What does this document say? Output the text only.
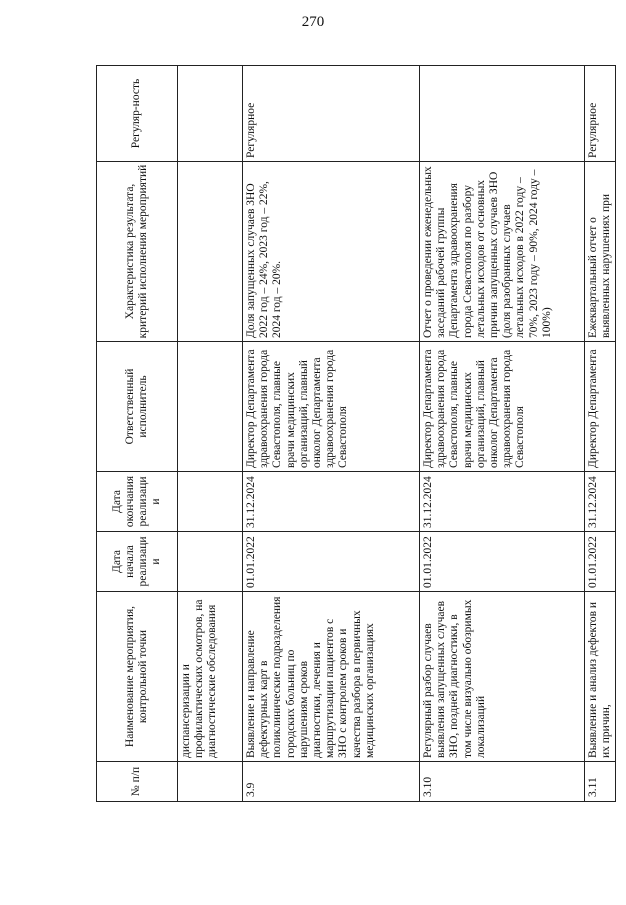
270
№ п/п	Наименование мероприятия, контрольной точки	Дата начала реализации	Дата окончания реализации	Ответственный исполнитель	Характеристика результата, критерий исполнения мероприятий	Регуляр-ность
	диспансеризации и профилактических осмотров, на диагностические обследования					
3.9	Выявление и направление дефектурных карт в поликлинические подразделения городских больниц по нарушениям сроков диагностики, лечения и маршрутизации пациентов с ЗНО с контролем сроков и качества разбора в первичных медицинских организациях	01.01.2022	31.12.2024	Директор Департамента здравоохранения города Севастополя, главные врачи медицинских организаций, главный онколог Департамента здравоохранения города Севастополя	Доля запущенных случаев ЗНО 2022 год – 24%, 2023 год – 22%, 2024 год – 20%.	Регулярное
3.10	Регулярный разбор случаев выявления запущенных случаев ЗНО, поздней диагностики, в том числе визуально обозримых локализаций	01.01.2022	31.12.2024	Директор Департамента здравоохранения города Севастополя, главные врачи медицинских организаций, главный онколог Департамента здравоохранения города Севастополя	Отчет о проведении еженедельных заседаний рабочей группы Департамента здравоохранения города Севастополя по разбору летальных исходов от основных причин запущенных случаев ЗНО (доля разобранных случаев летальных исходов в 2022 году – 70%, 2023 году – 90%, 2024 году – 100%)	
3.11	Выявление и анализ дефектов и их причин,	01.01.2022	31.12.2024	Директор Департамента	Ежеквартальный отчет о выявленных нарушениях при	Регулярное
